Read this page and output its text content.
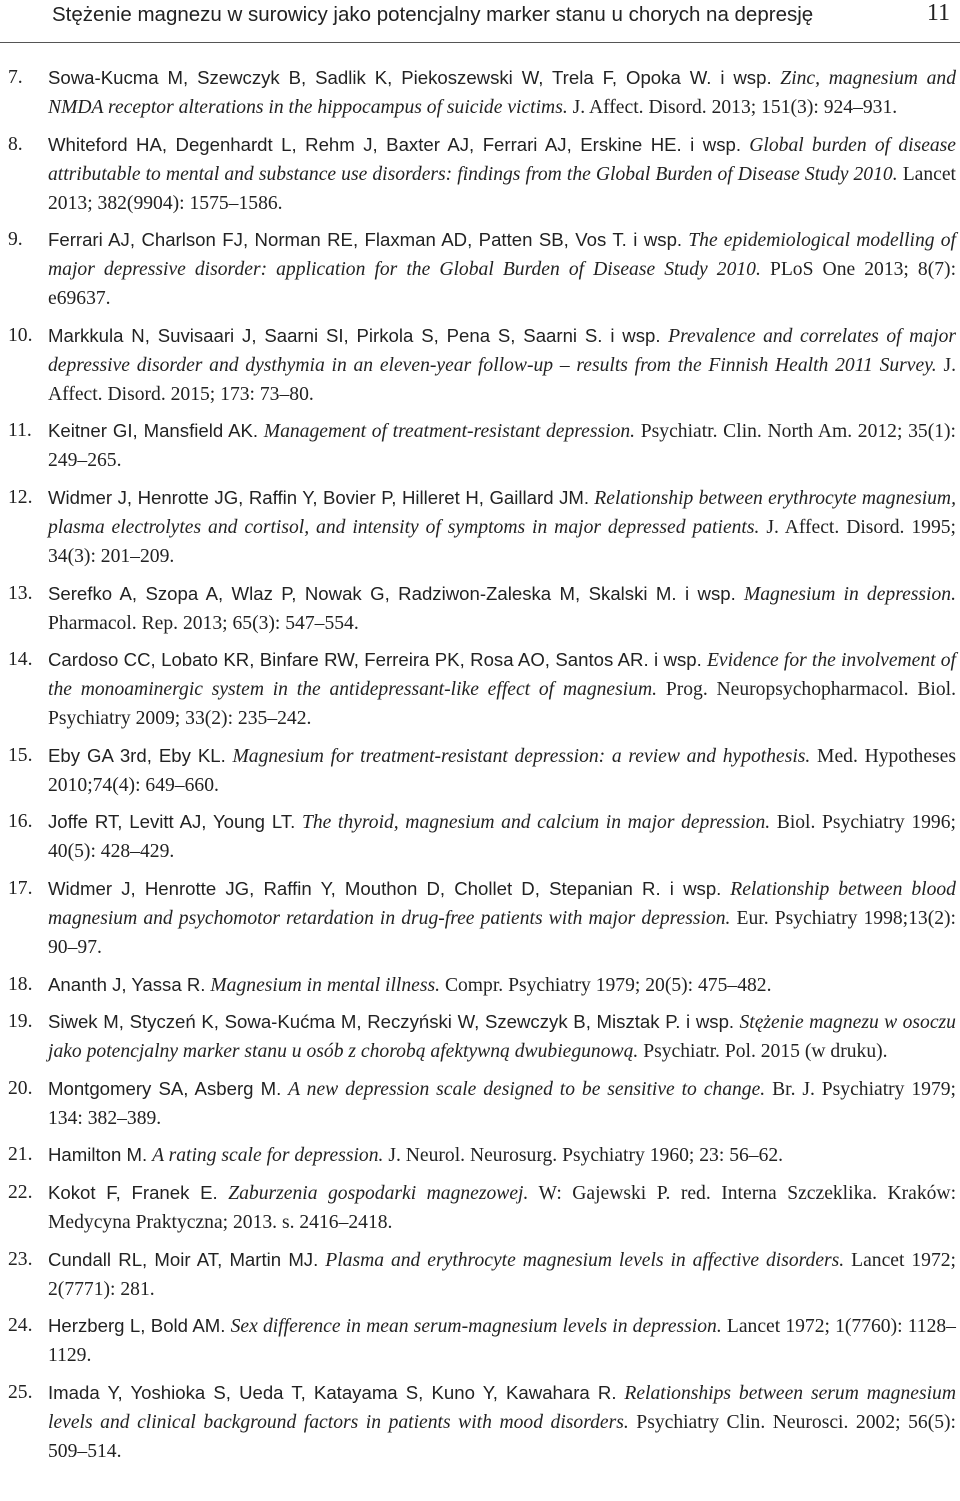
Stężenie magnezu w surowicy jako potencjalny marker stanu u chorych na depresję	11
7. Sowa-Kucma M, Szewczyk B, Sadlik K, Piekoszewski W, Trela F, Opoka W. i wsp. Zinc, magnesium and NMDA receptor alterations in the hippocampus of suicide victims. J. Affect. Disord. 2013; 151(3): 924–931.
8. Whiteford HA, Degenhardt L, Rehm J, Baxter AJ, Ferrari AJ, Erskine HE. i wsp. Global burden of disease attributable to mental and substance use disorders: findings from the Global Burden of Disease Study 2010. Lancet 2013; 382(9904): 1575–1586.
9. Ferrari AJ, Charlson FJ, Norman RE, Flaxman AD, Patten SB, Vos T. i wsp. The epidemiological modelling of major depressive disorder: application for the Global Burden of Disease Study 2010. PLoS One 2013; 8(7): e69637.
10. Markkula N, Suvisaari J, Saarni SI, Pirkola S, Pena S, Saarni S. i wsp. Prevalence and correlates of major depressive disorder and dysthymia in an eleven-year follow-up – results from the Finnish Health 2011 Survey. J. Affect. Disord. 2015; 173: 73–80.
11. Keitner GI, Mansfield AK. Management of treatment-resistant depression. Psychiatr. Clin. North Am. 2012; 35(1): 249–265.
12. Widmer J, Henrotte JG, Raffin Y, Bovier P, Hilleret H, Gaillard JM. Relationship between erythrocyte magnesium, plasma electrolytes and cortisol, and intensity of symptoms in major depressed patients. J. Affect. Disord. 1995; 34(3): 201–209.
13. Serefko A, Szopa A, Wlaz P, Nowak G, Radziwon-Zaleska M, Skalski M. i wsp. Magnesium in depression. Pharmacol. Rep. 2013; 65(3): 547–554.
14. Cardoso CC, Lobato KR, Binfare RW, Ferreira PK, Rosa AO, Santos AR. i wsp. Evidence for the involvement of the monoaminergic system in the antidepressant-like effect of magnesium. Prog. Neuropsychopharmacol. Biol. Psychiatry 2009; 33(2): 235–242.
15. Eby GA 3rd, Eby KL. Magnesium for treatment-resistant depression: a review and hypothesis. Med. Hypotheses 2010;74(4): 649–660.
16. Joffe RT, Levitt AJ, Young LT. The thyroid, magnesium and calcium in major depression. Biol. Psychiatry 1996; 40(5): 428–429.
17. Widmer J, Henrotte JG, Raffin Y, Mouthon D, Chollet D, Stepanian R. i wsp. Relationship between blood magnesium and psychomotor retardation in drug-free patients with major depression. Eur. Psychiatry 1998;13(2): 90–97.
18. Ananth J, Yassa R. Magnesium in mental illness. Compr. Psychiatry 1979; 20(5): 475–482.
19. Siwek M, Styczeń K, Sowa-Kućma M, Reczyński W, Szewczyk B, Misztak P. i wsp. Stężenie magnezu w osoczu jako potencjalny marker stanu u osób z chorobą afektywną dwubiegunową. Psychiatr. Pol. 2015 (w druku).
20. Montgomery SA, Asberg M. A new depression scale designed to be sensitive to change. Br. J. Psychiatry 1979; 134: 382–389.
21. Hamilton M. A rating scale for depression. J. Neurol. Neurosurg. Psychiatry 1960; 23: 56–62.
22. Kokot F, Franek E. Zaburzenia gospodarki magnezowej. W: Gajewski P. red. Interna Szczeklika. Kraków: Medycyna Praktyczna; 2013. s. 2416–2418.
23. Cundall RL, Moir AT, Martin MJ. Plasma and erythrocyte magnesium levels in affective disorders. Lancet 1972; 2(7771): 281.
24. Herzberg L, Bold AM. Sex difference in mean serum-magnesium levels in depression. Lancet 1972; 1(7760): 1128–1129.
25. Imada Y, Yoshioka S, Ueda T, Katayama S, Kuno Y, Kawahara R. Relationships between serum magnesium levels and clinical background factors in patients with mood disorders. Psychiatry Clin. Neurosci. 2002; 56(5): 509–514.
